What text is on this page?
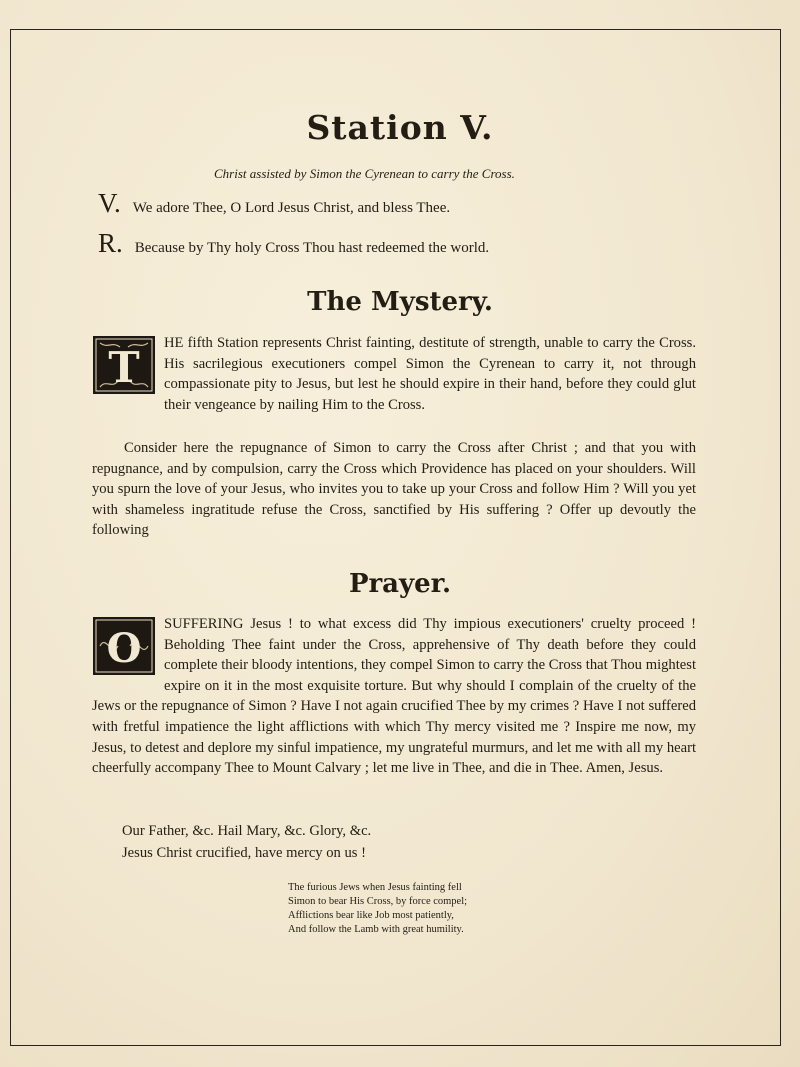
Station V.
Christ assisted by Simon the Cyrenean to carry the Cross.
V. We adore Thee, O Lord Jesus Christ, and bless Thee.
R. Because by Thy holy Cross Thou hast redeemed the world.
The Mystery.
T HE fifth Station represents Christ fainting, destitute of strength, unable to carry the Cross. His sacrilegious executioners compel Simon the Cyrenean to carry it, not through compassionate pity to Jesus, but lest he should expire in their hand, before they could glut their vengeance by nailing Him to the Cross.
Consider here the repugnance of Simon to carry the Cross after Christ ; and that you with repugnance, and by compulsion, carry the Cross which Providence has placed on your shoulders. Will you spurn the love of your Jesus, who invites you to take up your Cross and follow Him ? Will you yet with shameless ingratitude refuse the Cross, sanctified by His suffering ? Offer up devoutly the following
Prayer.
O
SUFFERING Jesus ! to what excess did Thy impious executioners' cruelty proceed ! Beholding Thee faint under the Cross, apprehensive of Thy death before they could complete their bloody intentions, they compel Simon to carry the Cross that Thou mightest expire on it in the most exquisite torture. But why should I complain of the cruelty of the Jews or the repugnance of Simon ? Have I not again crucified Thee by my crimes ? Have I not suffered with fretful impatience the light afflictions with which Thy mercy visited me ? Inspire me now, my Jesus, to detest and deplore my sinful impatience, my ungrateful murmurs, and let me with all my heart cheerfully accompany Thee to Mount Calvary ; let me live in Thee, and die in Thee. Amen, Jesus.
Our Father, &c. Hail Mary, &c. Glory, &c.
Jesus Christ crucified, have mercy on us !
The furious Jews when Jesus fainting fell
Simon to bear His Cross, by force compel;
Afflictions bear like Job most patiently,
And follow the Lamb with great humility.
